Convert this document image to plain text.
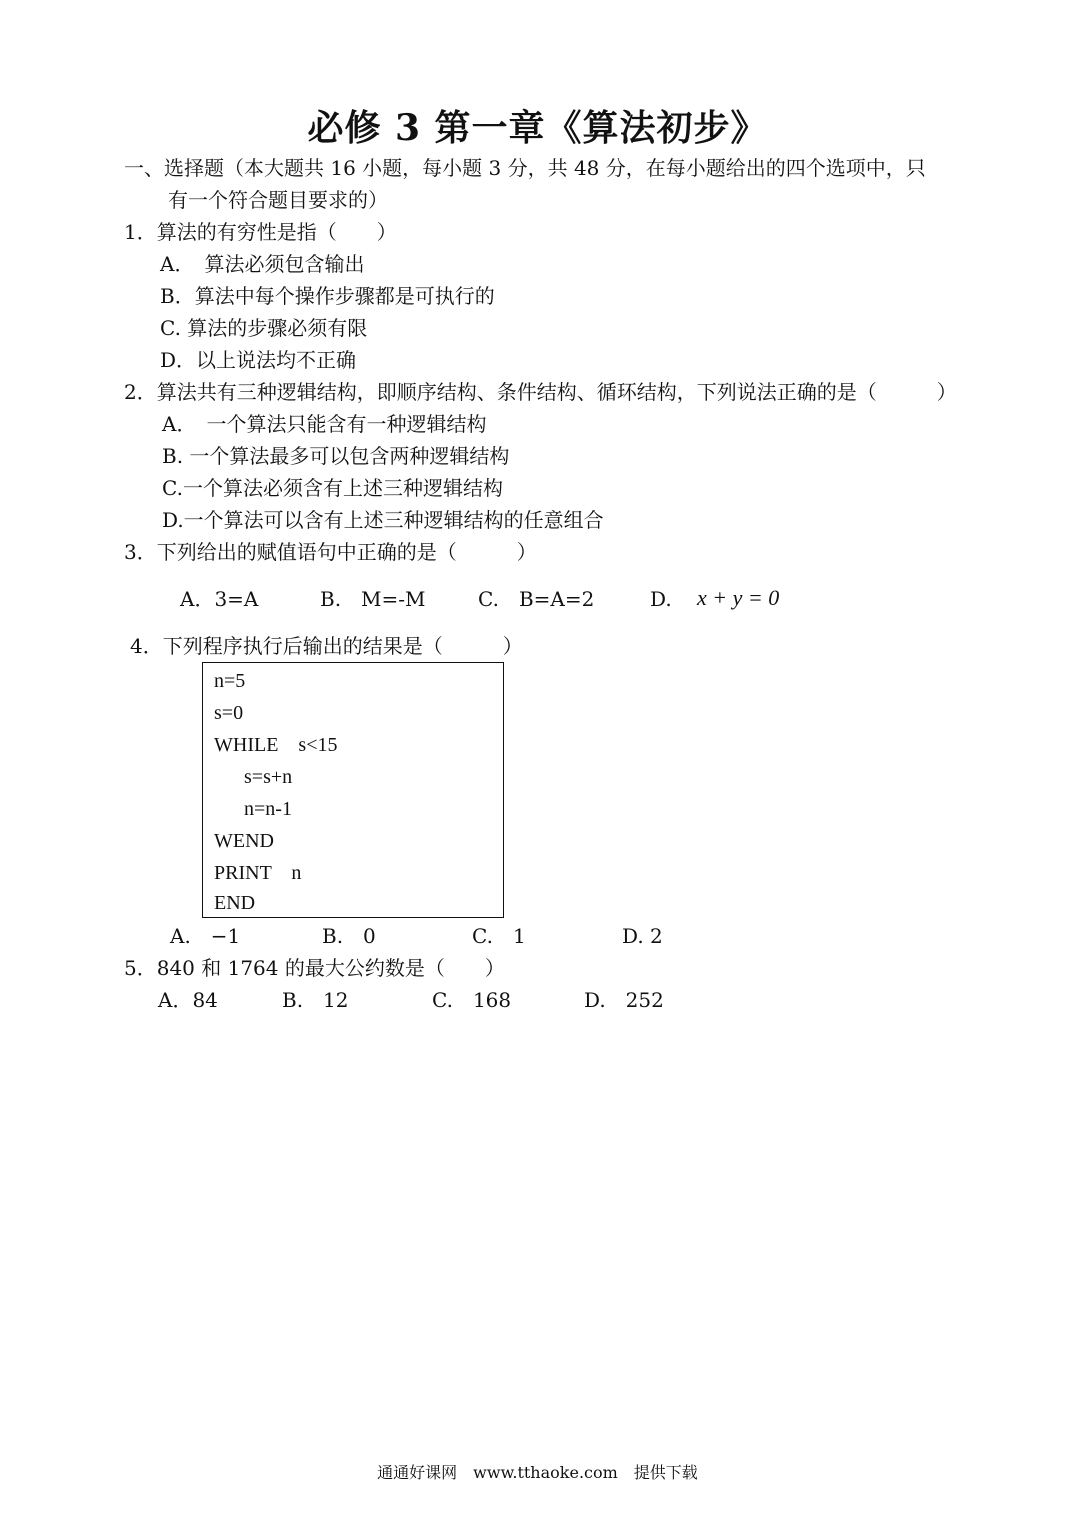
必修 3 第一章《算法初步》
一、选择题（本大题共 16 小题，每小题 3 分，共 48 分，在每小题给出的四个选项中，只
有一个符合题目要求的）
1．算法的有穷性是指（　　）
A．　算法必须包含输出
B．算法中每个操作步骤都是可执行的
C. 算法的步骤必须有限
D．以上说法均不正确
2．算法共有三种逻辑结构，即顺序结构、条件结构、循环结构，下列说法正确的是（　　　）
A．　一个算法只能含有一种逻辑结构
B. 一个算法最多可以包含两种逻辑结构
C.一个算法必须含有上述三种逻辑结构
D.一个算法可以含有上述三种逻辑结构的任意组合
3．下列给出的赋值语句中正确的是（　　　）
A．3=A	B.　M=-M	C.　B=A=2	D. x + y = 0
4．下列程序执行后输出的结果是（　　　）
n=5
s=0
WHILE    s<15
s=s+n
n=n-1
WEND
PRINT    n
END
A.　−1	B.　0	C.　1	D. 2
5．840 和 1764 的最大公约数是（　　）
A．84	B.　12	C.　168	D.　252
通通好课网　www.tthaoke.com　提供下载
